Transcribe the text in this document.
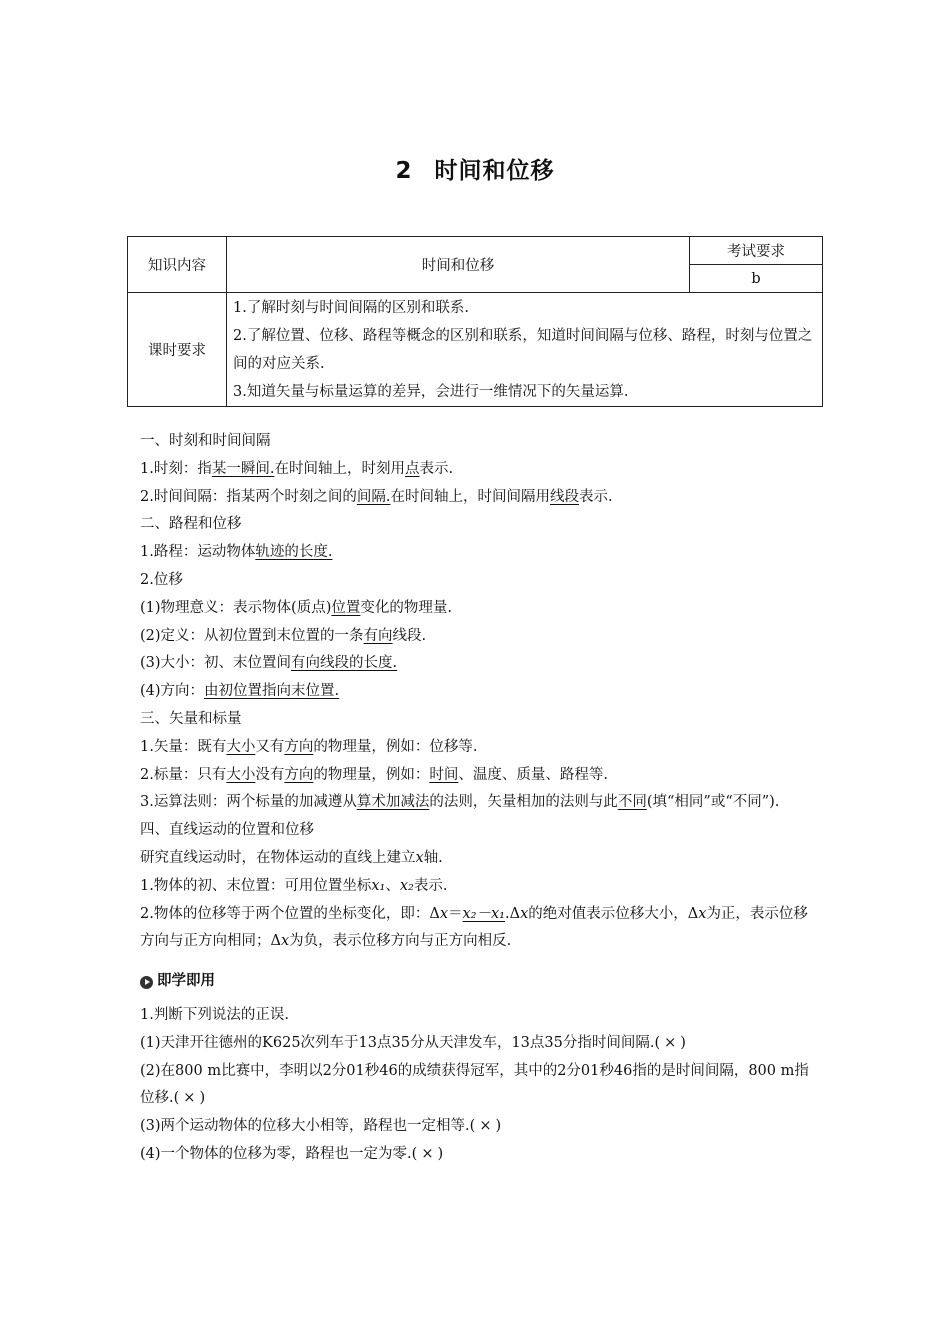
2 时间和位移
知识内容	时间和位移	考试要求
		b
课时要求	1.了解时刻与时间间隔的区别和联系.
2.了解位置、位移、路程等概念的区别和联系，知道时间间隔与位移、路程，时刻与位置之间的对应关系.
3.知道矢量与标量运算的差异，会进行一维情况下的矢量运算.	

一、时刻和时间间隔

1.时刻：指某一瞬间.在时间轴上，时刻用点表示.

2.时间间隔：指某两个时刻之间的间隔.在时间轴上，时间间隔用线段表示.

二、路程和位移

1.路程：运动物体轨迹的长度.

2.位移

(1)物理意义：表示物体(质点)位置变化的物理量.

(2)定义：从初位置到末位置的一条有向线段.

(3)大小：初、末位置间有向线段的长度.

(4)方向：由初位置指向末位置.

三、矢量和标量

1.矢量：既有大小又有方向的物理量，例如：位移等.

2.标量：只有大小没有方向的物理量，例如：时间、温度、质量、路程等.

3.运算法则：两个标量的加减遵从算术加减法的法则，矢量相加的法则与此不同(填“相同”或“不同”).

四、直线运动的位置和位移

研究直线运动时，在物体运动的直线上建立x轴.

1.物体的初、末位置：可用位置坐标x₁、x₂表示.

2.物体的位移等于两个位置的坐标变化，即：Δx＝x₂－x₁.Δx的绝对值表示位移大小，Δx为正，表示位移方向与正方向相同；Δx为负，表示位移方向与正方向相反.

即学即用

1.判断下列说法的正误.

(1)天津开往德州的K625次列车于13点35分从天津发车，13点35分指时间间隔.( × )

(2)在800 m比赛中，李明以2分01秒46的成绩获得冠军，其中的2分01秒46指的是时间间隔，800 m指位移.( × )

(3)两个运动物体的位移大小相等，路程也一定相等.( × )

(4)一个物体的位移为零，路程也一定为零.( × )
